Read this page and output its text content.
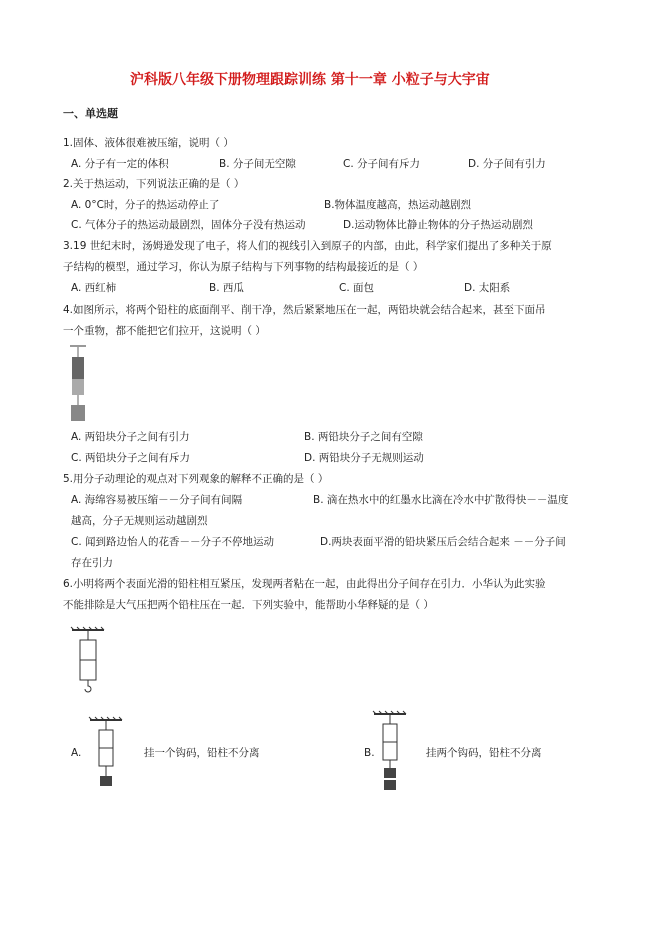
沪科版八年级下册物理跟踪训练 第十一章 小粒子与大宇宙
一、单选题
1.固体、液体很难被压缩，说明（ ）
A. 分子有一定的体积	B. 分子间无空隙	C. 分子间有斥力	D. 分子间有引力
2.关于热运动，下列说法正确的是（ ）
A. 0°C时，分子的热运动停止了	B.物体温度越高，热运动越剧烈
C. 气体分子的热运动最剧烈，固体分子没有热运动	D.运动物体比静止物体的分子热运动剧烈
3.19 世纪末时，汤姆逊发现了电子，将人们的视线引入到原子的内部，由此，科学家们提出了多种关于原
子结构的模型，通过学习，你认为原子结构与下列事物的结构最接近的是（ ）
A. 西红柿	B. 西瓜	C. 面包	D. 太阳系
4.如图所示，将两个铅柱的底面削平、削干净，然后紧紧地压在一起，两铅块就会结合起来，甚至下面吊
一个重物，都不能把它们拉开，这说明（ ）
A. 两铅块分子之间有引力	B. 两铅块分子之间有空隙
C. 两铅块分子之间有斥力	D. 两铅块分子无规则运动
5.用分子动理论的观点对下列观象的解释不正确的是（ ）
A. 海绵容易被压缩－－分子间有间隔	B. 滴在热水中的红墨水比滴在冷水中扩散得快－－温度
越高，分子无规则运动越剧烈
C. 闻到路边怡人的花香－－分子不停地运动	D.两块表面平滑的铅块紧压后会结合起来 －－分子间
存在引力
6.小明将两个表面光滑的铅柱相互紧压，发现两者粘在一起，由此得出分子间存在引力．小华认为此实验
不能排除是大气压把两个铅柱压在一起．下列实验中，能帮助小华释疑的是（ ）
A.	挂一个钩码，铅柱不分离	B.	挂两个钩码，铅柱不分离
